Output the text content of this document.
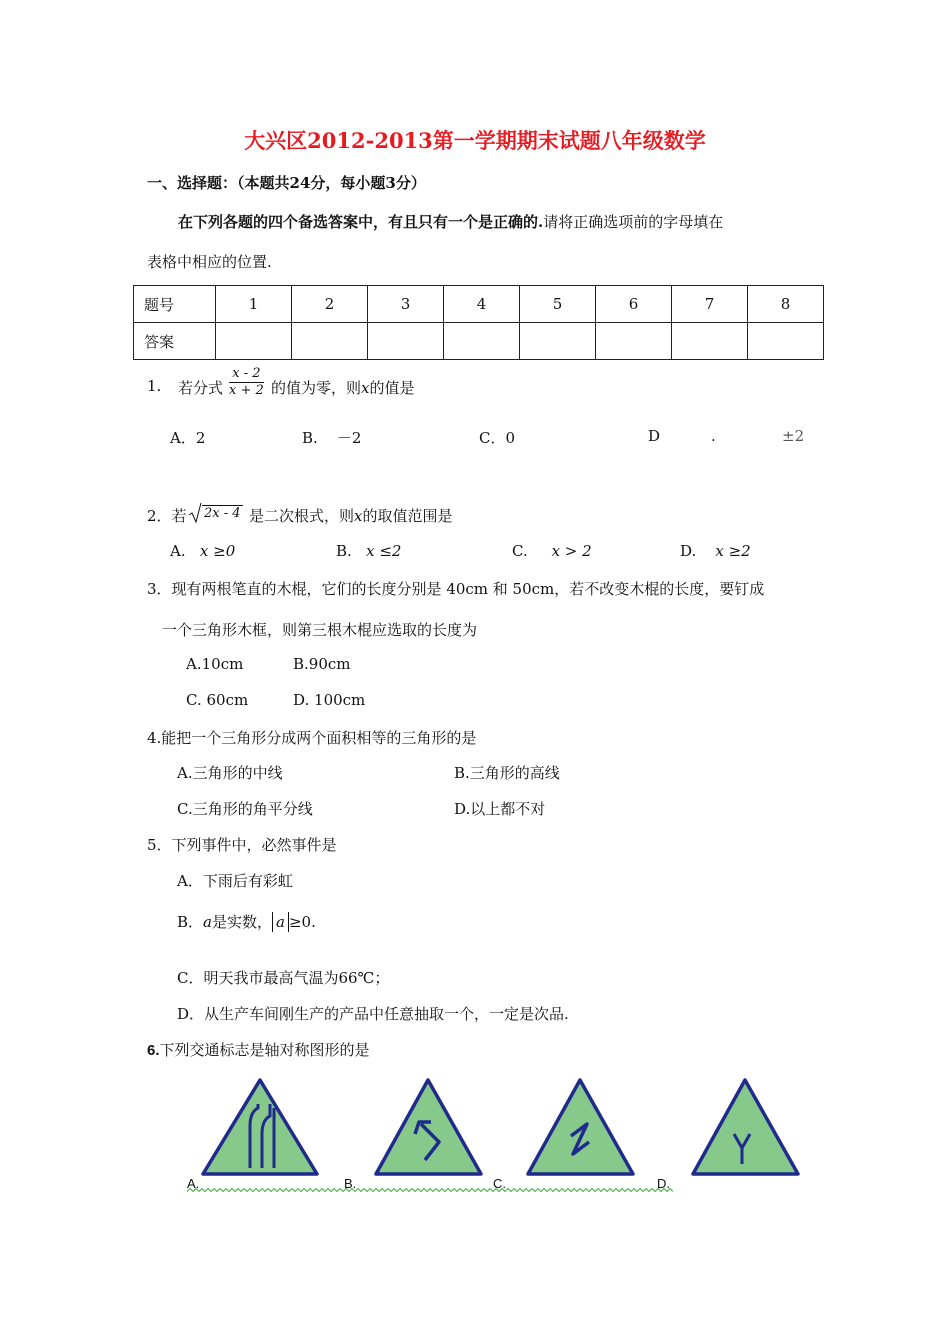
大兴区2012-2013第一学期期末试题八年级数学
一、选择题：（本题共24分，每小题3分）
在下列各题的四个备选答案中，有且只有一个是正确的.请将正确选项前的字母填在
表格中相应的位置.
题号	1	2	3	4	5	6	7	8
答案								
1. 若分式 $\frac{x - 2}{x + 2}$ 的值为零，则x的值是
A．2	B. －2	C．0	D	.	±2
2．若	2x - 4 是二次根式，则x的取值范围是
A. x ≥0	B. x ≤2	C. x > 2	D. x ≥2
3．现有两根笔直的木棍，它们的长度分别是 40cm 和 50cm，若不改变木棍的长度，要钉成
一个三角形木框，则第三根木棍应选取的长度为
A.10cm	B.90cm
C. 60cm	D. 100cm
4.能把一个三角形分成两个面积相等的三角形的是
A.三角形的中线	B.三角形的高线
C.三角形的角平分线	D.以上都不对
5．下列事件中，必然事件是
A．下雨后有彩虹
B．a是实数， a ≥0.
C．明天我市最高气温为66℃；
D．从生产车间刚生产的产品中任意抽取一个，一定是次品.
6.下列交通标志是轴对称图形的是
A.	B.	C.	D.
